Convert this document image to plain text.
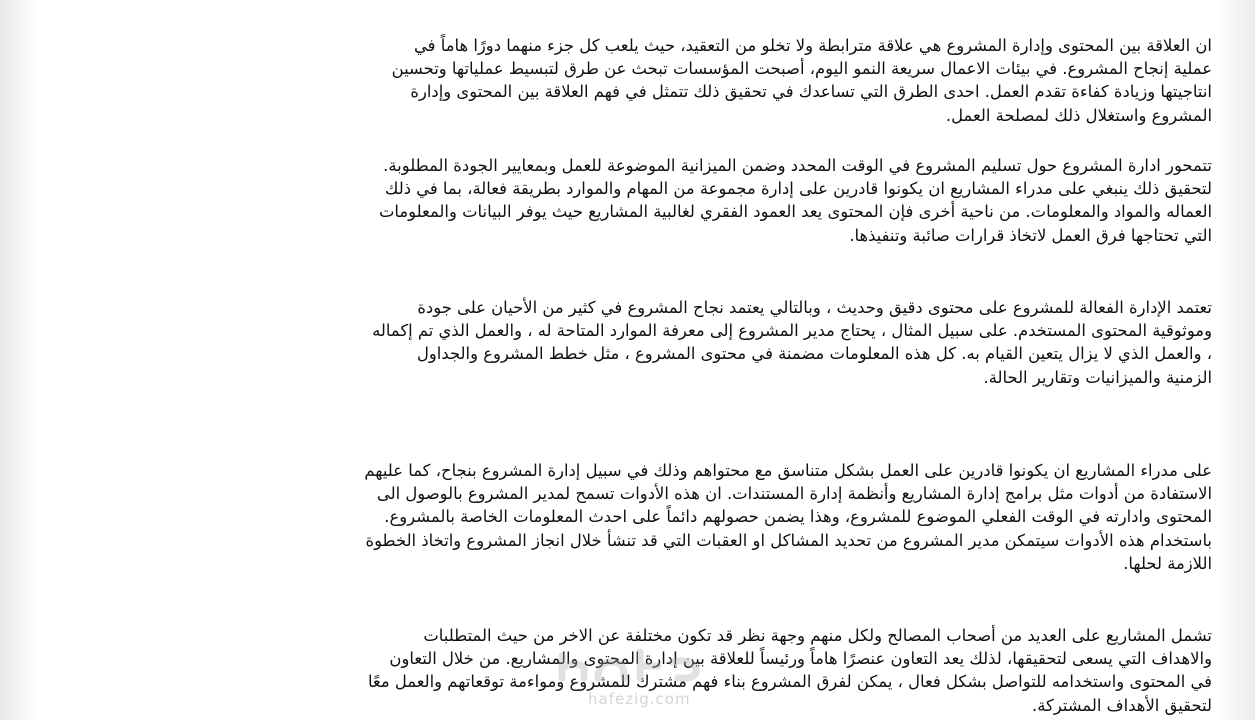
ان العلاقة بين المحتوى وإدارة المشروع هي علاقة مترابطة ولا تخلو من التعقيد، حيث يلعب كل جزء منهما دورًا هاماً في
عملية إنجاح المشروع. في بيئات الاعمال سريعة النمو اليوم، أصبحت المؤسسات تبحث عن طرق لتبسيط عملياتها وتحسين
انتاجيتها وزيادة كفاءة تقدم العمل. احدى الطرق التي تساعدك في تحقيق ذلك تتمثل في فهم العلاقة بين المحتوى وإدارة
المشروع واستغلال ذلك لمصلحة العمل.
تتمحور ادارة المشروع حول تسليم المشروع في الوقت المحدد وضمن الميزانية الموضوعة للعمل وبمعايير الجودة المطلوبة.
لتحقيق ذلك ينبغي على مدراء المشاريع ان يكونوا قادرين على إدارة مجموعة من المهام والموارد بطريقة فعالة، بما في ذلك
العماله والمواد والمعلومات. من ناحية أخرى فإن المحتوى يعد العمود الفقري لغالبية المشاريع حيث يوفر البيانات والمعلومات
التي تحتاجها فرق العمل لاتخاذ قرارات صائبة وتنفيذها.
تعتمد الإدارة الفعالة للمشروع على محتوى دقيق وحديث ، وبالتالي يعتمد نجاح المشروع في كثير من الأحيان على جودة
وموثوقية المحتوى المستخدم. على سبيل المثال ، يحتاج مدير المشروع إلى معرفة الموارد المتاحة له ، والعمل الذي تم إكماله
، والعمل الذي لا يزال يتعين القيام به. كل هذه المعلومات مضمنة في محتوى المشروع ، مثل خطط المشروع والجداول
الزمنية والميزانيات وتقارير الحالة.
على مدراء المشاريع ان يكونوا قادرين على العمل بشكل متناسق مع محتواهم وذلك في سبيل إدارة المشروع بنجاح، كما عليهم
الاستفادة من أدوات مثل برامج إدارة المشاريع وأنظمة إدارة المستندات. ان هذه الأدوات تسمح لمدير المشروع بالوصول الى
المحتوى وادارته في الوقت الفعلي الموضوع للمشروع، وهذا يضمن حصولهم دائماً على احدث المعلومات الخاصة بالمشروع.
باستخدام هذه الأدوات سيتمكن مدير المشروع من تحديد المشاكل او العقبات التي قد تنشأ خلال انجاز المشروع واتخاذ الخطوة
اللازمة لحلها.
تشمل المشاريع على العديد من أصحاب المصالح ولكل منهم وجهة نظر قد تكون مختلفة عن الاخر من حيث المتطلبات
والاهداف التي يسعى لتحقيقها، لذلك يعد التعاون عنصرًا هاماً ورئيساً للعلاقة بين إدارة المحتوى والمشاريع. من خلال التعاون
في المحتوى واستخدامه للتواصل بشكل فعال ، يمكن لفرق المشروع بناء فهم مشترك للمشروع ومواءمة توقعاتهم والعمل معًا
لتحقيق الأهداف المشتركة.
hafezig.com
